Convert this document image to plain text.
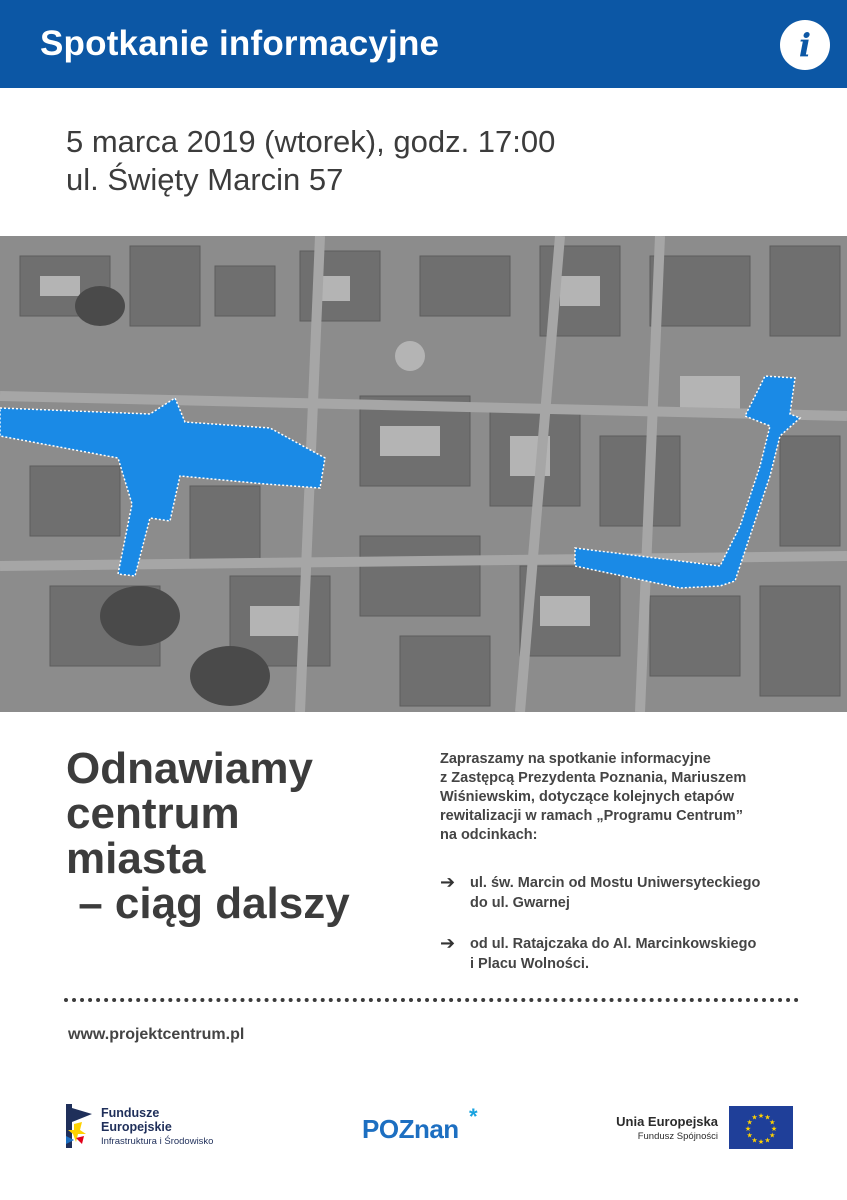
Spotkanie informacyjne	i
5 marca 2019 (wtorek), godz. 17:00
ul. Święty Marcin 57
Odnawiamy
centrum
miasta
– ciąg dalszy
Zapraszamy na spotkanie informacyjne
z Zastępcą Prezydenta Poznania, Mariuszem
Wiśniewskim, dotyczące kolejnych etapów
rewitalizacji w ramach „Programu Centrum”
na odcinkach:
➔ ul. św. Marcin od Mostu Uniwersyteckiego
do ul. Gwarnej
➔ od ul. Ratajczaka do Al. Marcinkowskiego
i Placu Wolności.
www.projektcentrum.pl
Fundusze
Europejskie
Infrastruktura i Środowisko	POZnan *	Unia Europejska
Fundusz Spójności
★
★
★
★
★
★
★
★
★ ★ ★
★
